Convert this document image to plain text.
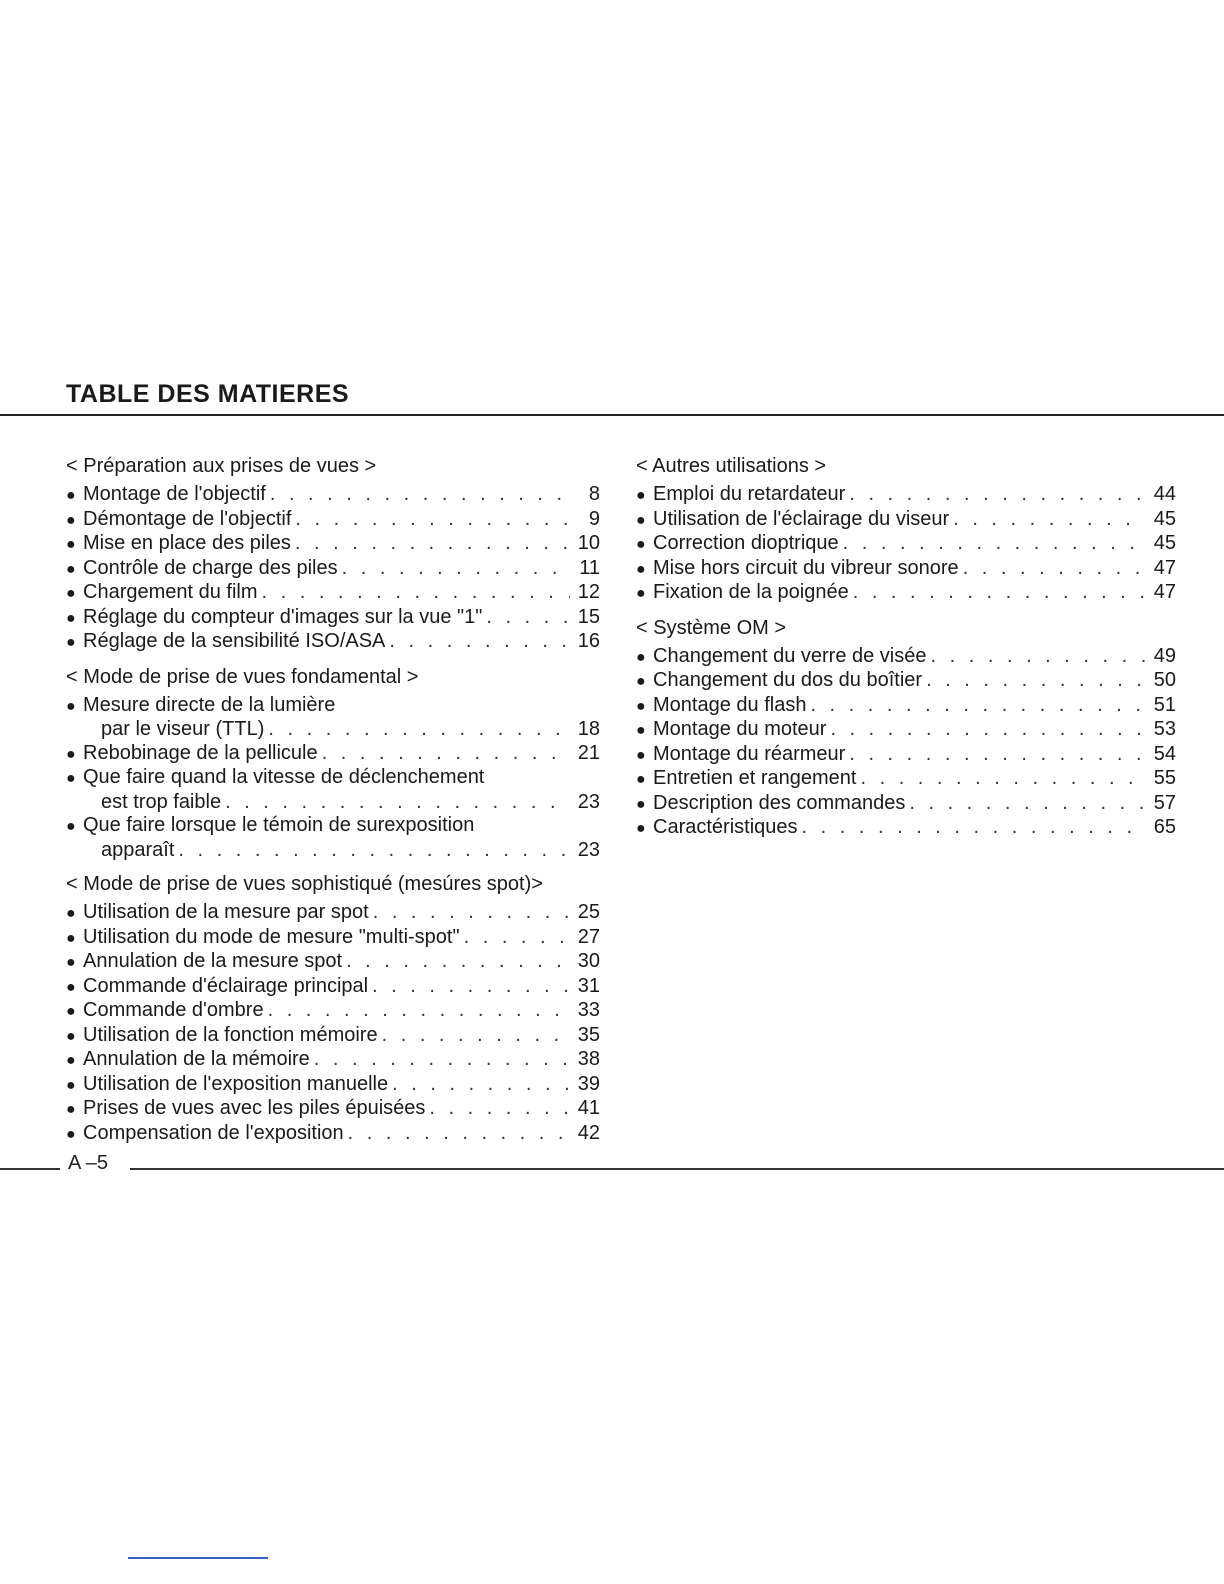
TABLE DES MATIERES
< Préparation aux prises de vues >
● Montage de l'objectif . . .	8
● Démontage de l'objectif . . .	9
● Mise en place des piles . . .	10
● Contrôle de charge des piles . . .	11
● Chargement du film . . .	12
● Réglage du compteur d'images sur la vue "1" . . .	15
● Réglage de la sensibilité ISO/ASA . . .	16
< Mode de prise de vues fondamental >
● Mesure directe de la lumière
par le viseur (TTL) . . .	18
● Rebobinage de la pellicule . . .	21
● Que faire quand la vitesse de déclenchement
est trop faible . . .	23
● Que faire lorsque le témoin de surexposition
apparaît . . .	23
< Mode de prise de vues sophistiqué (mesúres spot)>
● Utilisation de la mesure par spot . . .	25
● Utilisation du mode de mesure "multi-spot" . . .	27
● Annulation de la mesure spot . . .	30
● Commande d'éclairage principal . . .	31
● Commande d'ombre . . .	33
● Utilisation de la fonction mémoire . . .	35
● Annulation de la mémoire . . .	38
● Utilisation de l'exposition manuelle . . .	39
● Prises de vues avec les piles épuisées . . .	41
● Compensation de l'exposition . . .	42
< Autres utilisations >
● Emploi du retardateur . . .	44
● Utilisation de l'éclairage du viseur . . .	45
● Correction dioptrique . . .	45
● Mise hors circuit du vibreur sonore . . .	47
● Fixation de la poignée . . .	47
< Système OM >
● Changement du verre de visée . . .	49
● Changement du dos du boîtier . . .	50
● Montage du flash . . .	51
● Montage du moteur . . .	53
● Montage du réarmeur . . .	54
● Entretien et rangement . . .	55
● Description des commandes . . .	57
● Caractéristiques . . .	65
A –5
